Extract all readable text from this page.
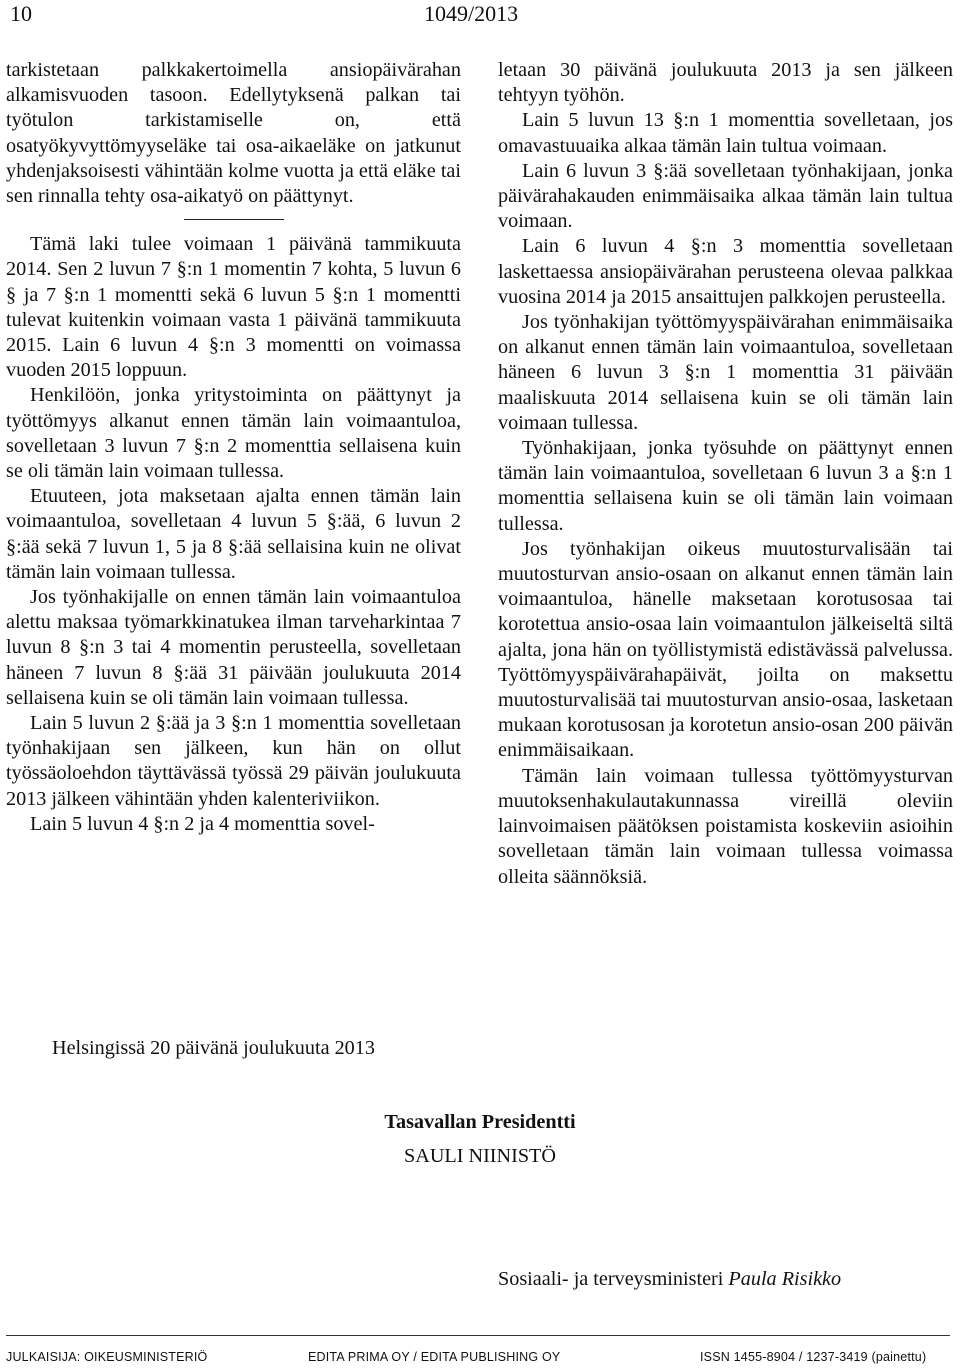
10	1049/2013

tarkistetaan palkkakertoimella ansiopäivärahan alkamisvuoden tasoon. Edellytyksenä palkan tai työtulon tarkistamiselle on, että osatyökyvyttömyyseläke tai osa-aikaeläke on jatkunut yhdenjaksoisesti vähintään kolme vuotta ja että eläke tai sen rinnalla tehty osa-aikatyö on päättynyt.

Tämä laki tulee voimaan 1 päivänä tammikuuta 2014. Sen 2 luvun 7 §:n 1 momentin 7 kohta, 5 luvun 6 § ja 7 §:n 1 momentti sekä 6 luvun 5 §:n 1 momentti tulevat kuitenkin voimaan vasta 1 päivänä tammikuuta 2015. Lain 6 luvun 4 §:n 3 momentti on voimassa vuoden 2015 loppuun.

Henkilöön, jonka yritystoiminta on päättynyt ja työttömyys alkanut ennen tämän lain voimaantuloa, sovelletaan 3 luvun 7 §:n 2 momenttia sellaisena kuin se oli tämän lain voimaan tullessa.

Etuuteen, jota maksetaan ajalta ennen tämän lain voimaantuloa, sovelletaan 4 luvun 5 §:ää, 6 luvun 2 §:ää sekä 7 luvun 1, 5 ja 8 §:ää sellaisina kuin ne olivat tämän lain voimaan tullessa.

Jos työnhakijalle on ennen tämän lain voimaantuloa alettu maksaa työmarkkinatukea ilman tarveharkintaa 7 luvun 8 §:n 3 tai 4 momentin perusteella, sovelletaan häneen 7 luvun 8 §:ää 31 päivään joulukuuta 2014 sellaisena kuin se oli tämän lain voimaan tullessa.

Lain 5 luvun 2 §:ää ja 3 §:n 1 momenttia sovelletaan työnhakijaan sen jälkeen, kun hän on ollut työssäoloehdon täyttävässä työssä 29 päivän joulukuuta 2013 jälkeen vähintään yhden kalenteriviikon.

Lain 5 luvun 4 §:n 2 ja 4 momenttia sovel-

letaan 30 päivänä joulukuuta 2013 ja sen jälkeen tehtyyn työhön.

Lain 5 luvun 13 §:n 1 momenttia sovelletaan, jos omavastuuaika alkaa tämän lain tultua voimaan.

Lain 6 luvun 3 §:ää sovelletaan työnhakijaan, jonka päivärahakauden enimmäisaika alkaa tämän lain tultua voimaan.

Lain 6 luvun 4 §:n 3 momenttia sovelletaan laskettaessa ansiopäivärahan perusteena olevaa palkkaa vuosina 2014 ja 2015 ansaittujen palkkojen perusteella.

Jos työnhakijan työttömyyspäivärahan enimmäisaika on alkanut ennen tämän lain voimaantuloa, sovelletaan häneen 6 luvun 3 §:n 1 momenttia 31 päivään maaliskuuta 2014 sellaisena kuin se oli tämän lain voimaan tullessa.

Työnhakijaan, jonka työsuhde on päättynyt ennen tämän lain voimaantuloa, sovelletaan 6 luvun 3 a §:n 1 momenttia sellaisena kuin se oli tämän lain voimaan tullessa.

Jos työnhakijan oikeus muutosturvalisään tai muutosturvan ansio-osaan on alkanut ennen tämän lain voimaantuloa, hänelle maksetaan korotusosaa tai korotettua ansio-osaa lain voimaantulon jälkeiseltä siltä ajalta, jona hän on työllistymistä edistävässä palvelussa. Työttömyyspäivärahapäivät, joilta on maksettu muutosturvalisää tai muutosturvan ansio-osaa, lasketaan mukaan korotusosan ja korotetun ansio-osan 200 päivän enimmäisaikaan.

Tämän lain voimaan tullessa työttömyysturvan muutoksenhakulautakunnassa vireillä oleviin lainvoimaisen päätöksen poistamista koskeviin asioihin sovelletaan tämän lain voimaan tullessa voimassa olleita säännöksiä.

Helsingissä 20 päivänä joulukuuta 2013
Tasavallan Presidentti
SAULI NIINISTÖ
Sosiaali- ja terveysministeri Paula Risikko
JULKAISIJA: OIKEUSMINISTERIÖ	EDITA PRIMA OY / EDITA PUBLISHING OY	ISSN 1455-8904 / 1237-3419 (painettu)
